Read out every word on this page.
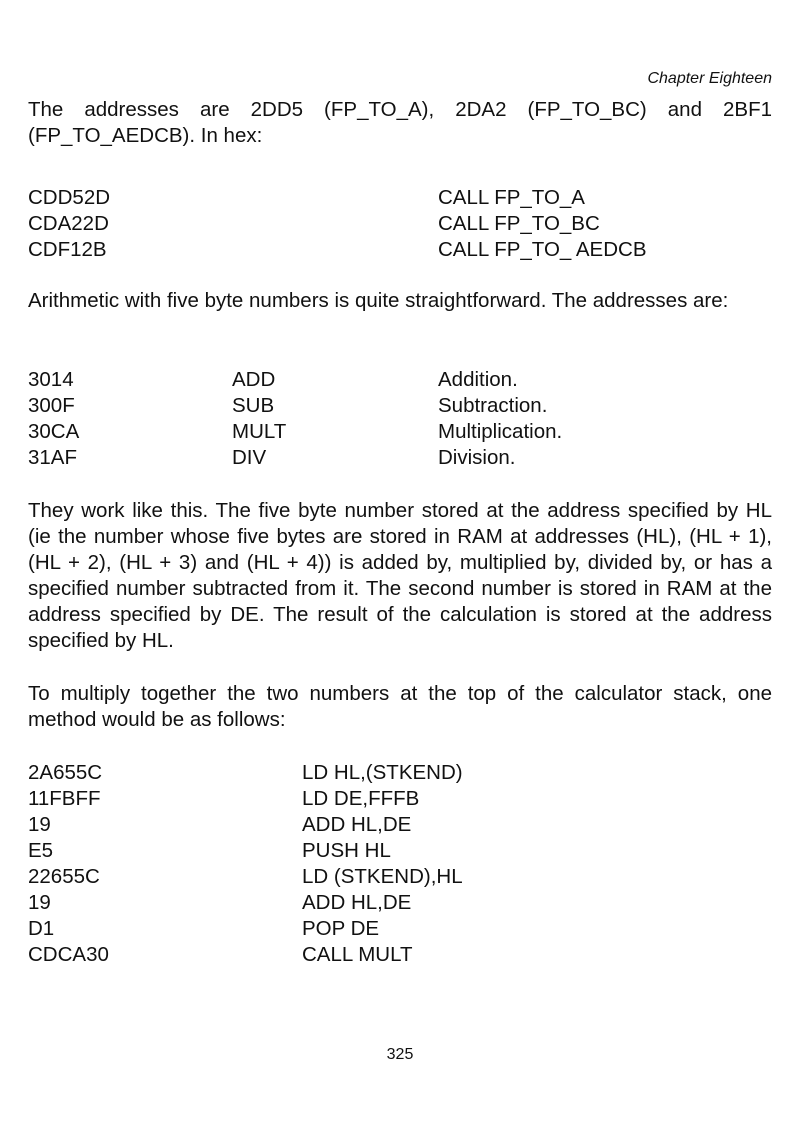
Chapter Eighteen

The addresses are 2DD5 (FP_TO_A), 2DA2 (FP_TO_BC) and 2BF1 (FP_TO_AEDCB). In hex:

CDD52D	CALL FP_TO_A
CDA22D	CALL FP_TO_BC
CDF12B	CALL FP_TO_ AEDCB

Arithmetic with five byte numbers is quite straightforward. The addresses are:

3014	ADD	Addition.
300F	SUB	Subtraction.
30CA	MULT	Multiplication.
31AF	DIV	Division.

They work like this. The five byte number stored at the address specified by HL (ie the number whose five bytes are stored in RAM at addresses (HL), (HL + 1), (HL + 2), (HL + 3) and (HL + 4)) is added by, multiplied by, divided by, or has a specified number subtracted from it. The second number is stored in RAM at the address specified by DE. The result of the calculation is stored at the address specified by HL.

To multiply together the two numbers at the top of the calculator stack, one method would be as follows:

2A655C	LD HL,(STKEND)
11FBFF	LD DE,FFFB
19	ADD HL,DE
E5	PUSH HL
22655C	LD (STKEND),HL
19	ADD HL,DE
D1	POP DE
CDCA30	CALL MULT
325
